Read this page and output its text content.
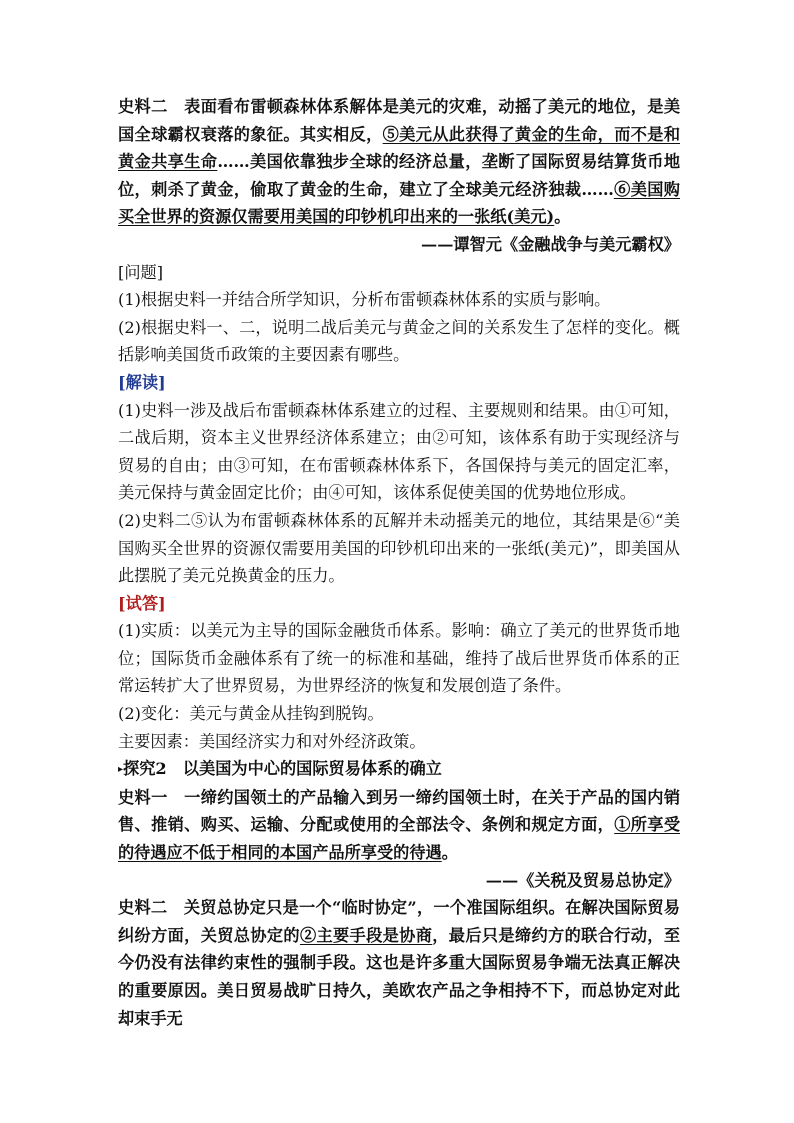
史料二　表面看布雷顿森林体系解体是美元的灾难，动摇了美元的地位，是美国全球霸权衰落的象征。其实相反，⑤美元从此获得了黄金的生命，而不是和黄金共享生命……美国依靠独步全球的经济总量，垄断了国际贸易结算货币地位，刺杀了黄金，偷取了黄金的生命，建立了全球美元经济独裁……⑥美国购买全世界的资源仅需要用美国的印钞机印出来的一张纸(美元)。

——谭智元《金融战争与美元霸权》

[问题]

(1)根据史料一并结合所学知识，分析布雷顿森林体系的实质与影响。

(2)根据史料一、二，说明二战后美元与黄金之间的关系发生了怎样的变化。概括影响美国货币政策的主要因素有哪些。

[解读]

(1)史料一涉及战后布雷顿森林体系建立的过程、主要规则和结果。由①可知，二战后期，资本主义世界经济体系建立；由②可知，该体系有助于实现经济与贸易的自由；由③可知，在布雷顿森林体系下，各国保持与美元的固定汇率，美元保持与黄金固定比价；由④可知，该体系促使美国的优势地位形成。

(2)史料二⑤认为布雷顿森林体系的瓦解并未动摇美元的地位，其结果是⑥“美国购买全世界的资源仅需要用美国的印钞机印出来的一张纸(美元)”，即美国从此摆脱了美元兑换黄金的压力。

[试答]

(1)实质：以美元为主导的国际金融货币体系。影响：确立了美元的世界货币地位；国际货币金融体系有了统一的标准和基础，维持了战后世界货币体系的正常运转扩大了世界贸易，为世界经济的恢复和发展创造了条件。

(2)变化：美元与黄金从挂钩到脱钩。

主要因素：美国经济实力和对外经济政策。

▸探究2　以美国为中心的国际贸易体系的确立

史料一　一缔约国领土的产品输入到另一缔约国领土时，在关于产品的国内销售、推销、购买、运输、分配或使用的全部法令、条例和规定方面，①所享受的待遇应不低于相同的本国产品所享受的待遇。

——《关税及贸易总协定》

史料二　关贸总协定只是一个“临时协定”，一个准国际组织。在解决国际贸易纠纷方面，关贸总协定的②主要手段是协商，最后只是缔约方的联合行动，至今仍没有法律约束性的强制手段。这也是许多重大国际贸易争端无法真正解决的重要原因。美日贸易战旷日持久，美欧农产品之争相持不下，而总协定对此却束手无
